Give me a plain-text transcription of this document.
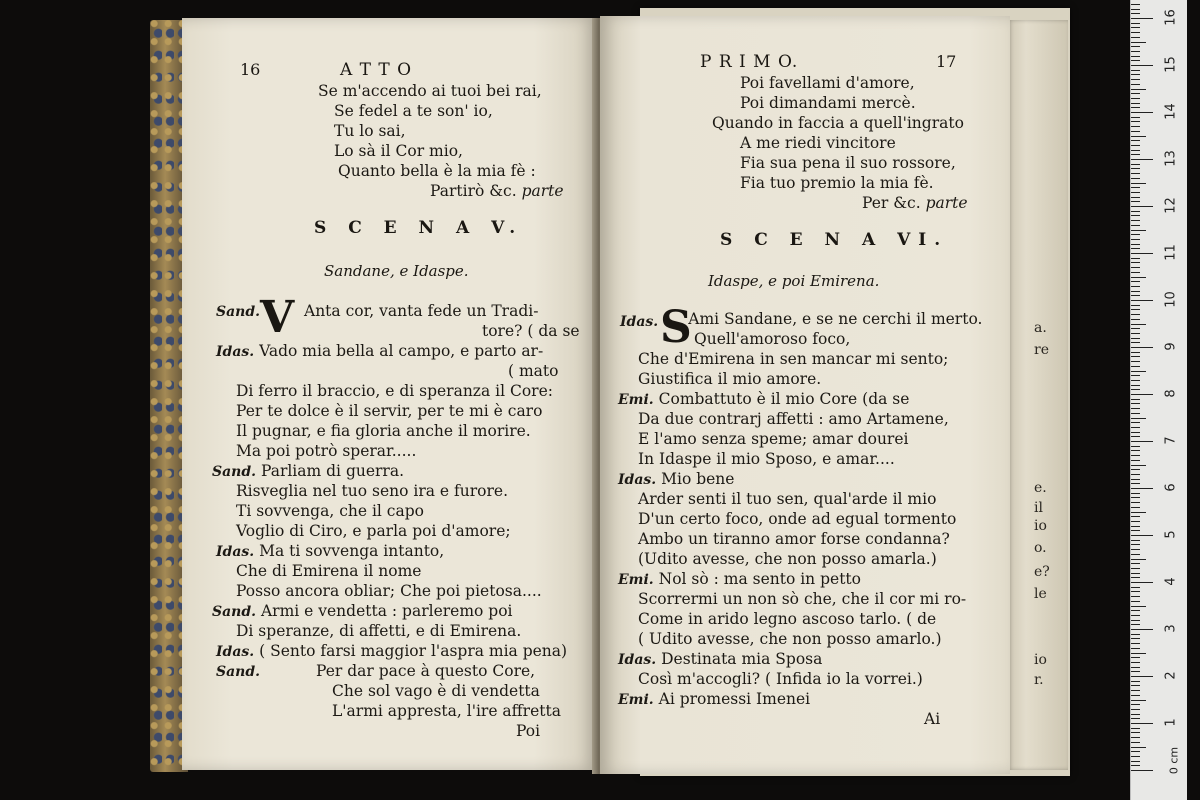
a.
re
e.
il
io
o.
e?
le
io
r.
16	A T T O
Se m'accendo ai tuoi bei rai,
Se fedel a te son' io,
Tu lo sai,
Lo sà il Cor mio,
Quanto bella è la mia fè :
Partirò &c. parte
S C E N A V.
Sandane, e Idaspe.
Sand. V Anta cor, vanta fede un Tradi-
tore? ( da se
Idas. Vado mia bella al campo, e parto ar-
( mato
Di ferro il braccio, e di speranza il Core:
Per te dolce è il servir, per te mi è caro
Il pugnar, e fia gloria anche il morire.
Ma poi potrò sperar.....
Sand. Parliam di guerra.
Risveglia nel tuo seno ira e furore.
Ti sovvenga, che il capo
Voglio di Ciro, e parla poi d'amore;
Idas. Ma ti sovvenga intanto,
Che di Emirena il nome
Posso ancora obliar; Che poi pietosa....
Sand. Armi e vendetta : parleremo poi
Di speranze, di affetti, e di Emirena.
Idas. ( Sento farsi maggior l'aspra mia pena)
Sand.	Per dar pace à questo Core,
Che sol vago è di vendetta
L'armi appresta, l'ire affretta
Poi
P R I M O.	17
Poi favellami d'amore,
Poi dimandami mercè.
Quando in faccia a quell'ingrato
A me riedi vincitore
Fia sua pena il suo rossore,
Fia tuo premio la mia fè.
Per &c. parte
S C E N A VI.
Idaspe, e poi Emirena.
Idas. S
'Ami Sandane, e se ne cerchi il merto.
Quell'amoroso foco,
Che d'Emirena in sen mancar mi sento;
Giustifica il mio amore.
Emi. Combattuto è il mio Core (da se
Da due contrarj affetti : amo Artamene,
E l'amo senza speme; amar dourei
In Idaspe il mio Sposo, e amar....
Idas. Mio bene
Arder senti il tuo sen, qual'arde il mio
D'un certo foco, onde ad egual tormento
Ambo un tiranno amor forse condanna?
(Udito avesse, che non posso amarla.)
Emi. Nol sò : ma sento in petto
Scorrermi un non sò che, che il cor mi ro-
Come in arido legno ascoso tarlo. ( de
( Udito avesse, che non posso amarlo.)
Idas. Destinata mia Sposa
Così m'accogli? ( Infida io la vorrei.)
Emi. Ai promessi Imenei
Ai
0 cm
16
15
14
13
12
11
10
9
8
7
6
5
4
3
2
1
